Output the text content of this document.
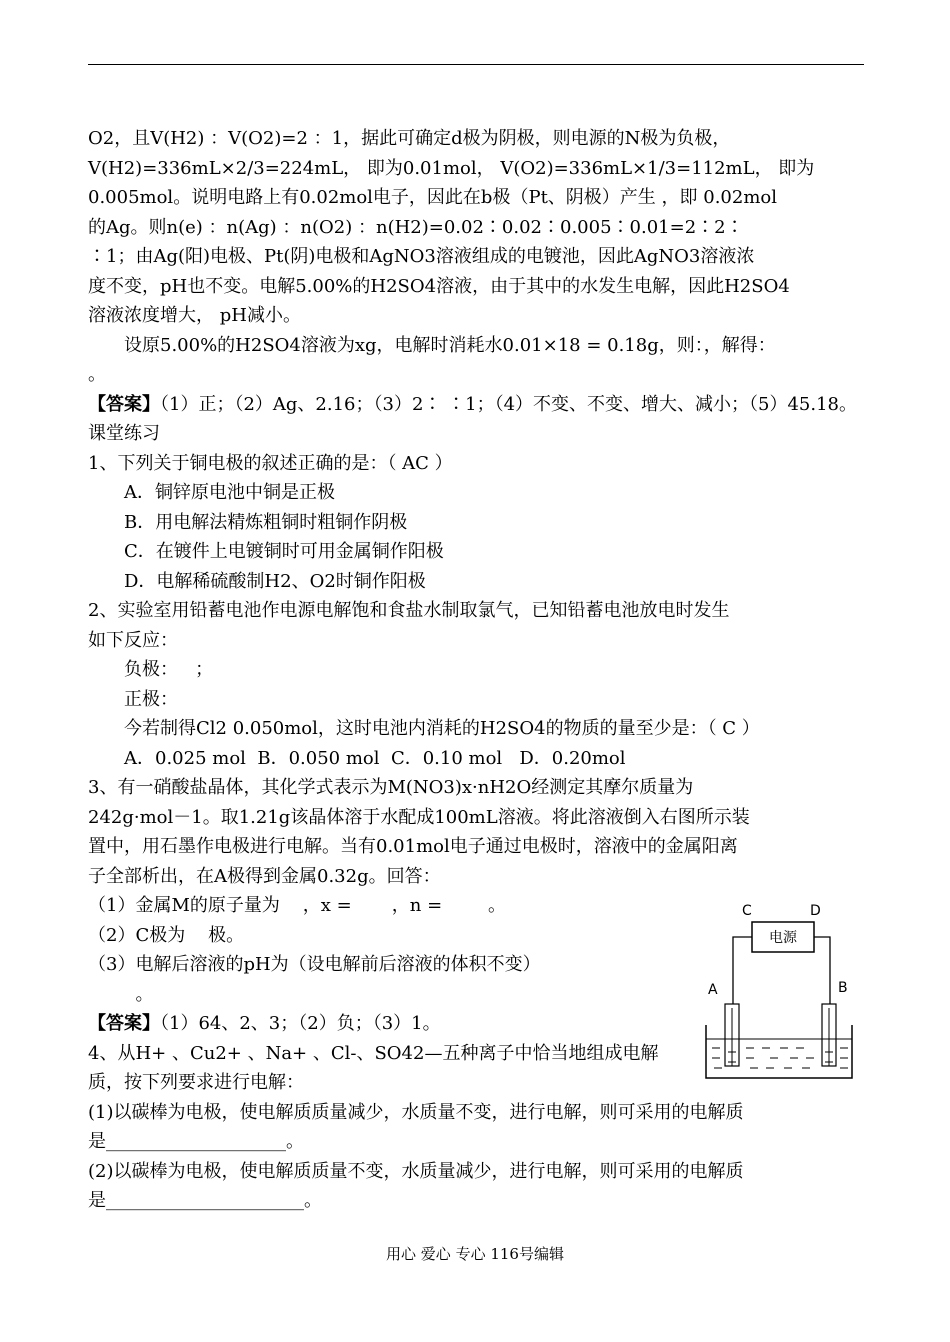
O2，且V(H2) ：V(O2)=2 ：1，据此可确定d极为阴极，则电源的N极为负极，
V(H2)=336mL×2/3=224mL， 即为0.01mol， V(O2)=336mL×1/3=112mL， 即为
0.005mol。说明电路上有0.02mol电子，因此在b极（Pt、阴极）产生 ，即 0.02mol
的Ag。则n(e) ：n(Ag) ：n(O2) ：n(H2)=0.02∶0.02∶0.005∶0.01=2∶2∶
∶1；由Ag(阳)电极、Pt(阴)电极和AgNO3溶液组成的电镀池，因此AgNO3溶液浓
度不变，pH也不变。电解5.00%的H2SO4溶液，由于其中的水发生电解，因此H2SO4
溶液浓度增大， pH减小。
设原5.00%的H2SO4溶液为xg，电解时消耗水0.01×18 = 0.18g，则：，解得：
。
【答案】（1）正；（2）Ag、2.16；（3）2∶ ∶1；（4）不变、不变、增大、减小；（5）45.18。
课堂练习
1、下列关于铜电极的叙述正确的是：（ AC ）
A．铜锌原电池中铜是正极
B．用电解法精炼粗铜时粗铜作阴极
C．在镀件上电镀铜时可用金属铜作阳极
D．电解稀硫酸制H2、O2时铜作阳极
2、实验室用铅蓄电池作电源电解饱和食盐水制取氯气，已知铅蓄电池放电时发生
如下反应：
负极：   ；
正极：
今若制得Cl2 0.050mol，这时电池内消耗的H2SO4的物质的量至少是：（ C ）
A．0.025 mol  B．0.050 mol  C．0.10 mol   D．0.20mol
3、有一硝酸盐晶体，其化学式表示为M(NO3)x·nH2O经测定其摩尔质量为
242g·mol－1。取1.21g该晶体溶于水配成100mL溶液。将此溶液倒入右图所示装
置中，用石墨作电极进行电解。当有0.01mol电子通过电极时，溶液中的金属阳离
子全部析出，在A极得到金属0.32g。回答：
（1）金属M的原子量为    ，x =       ，n =        。
（2）C极为    极。
（3）电解后溶液的pH为（设电解前后溶液的体积不变）
。
【答案】（1）64、2、3；（2）负；（3）1。
4、从H+ 、Cu2+ 、Na+ 、Cl-、SO42—五种离子中恰当地组成电解
质，按下列要求进行电解：
(1)以碳棒为电极，使电解质质量减少，水质量不变，进行电解，则可采用的电解质
是____________________。
(2)以碳棒为电极，使电解质质量不变，水质量减少，进行电解，则可采用的电解质
是______________________。
C	D
电源
A	B
用心 爱心 专心 116号编辑
